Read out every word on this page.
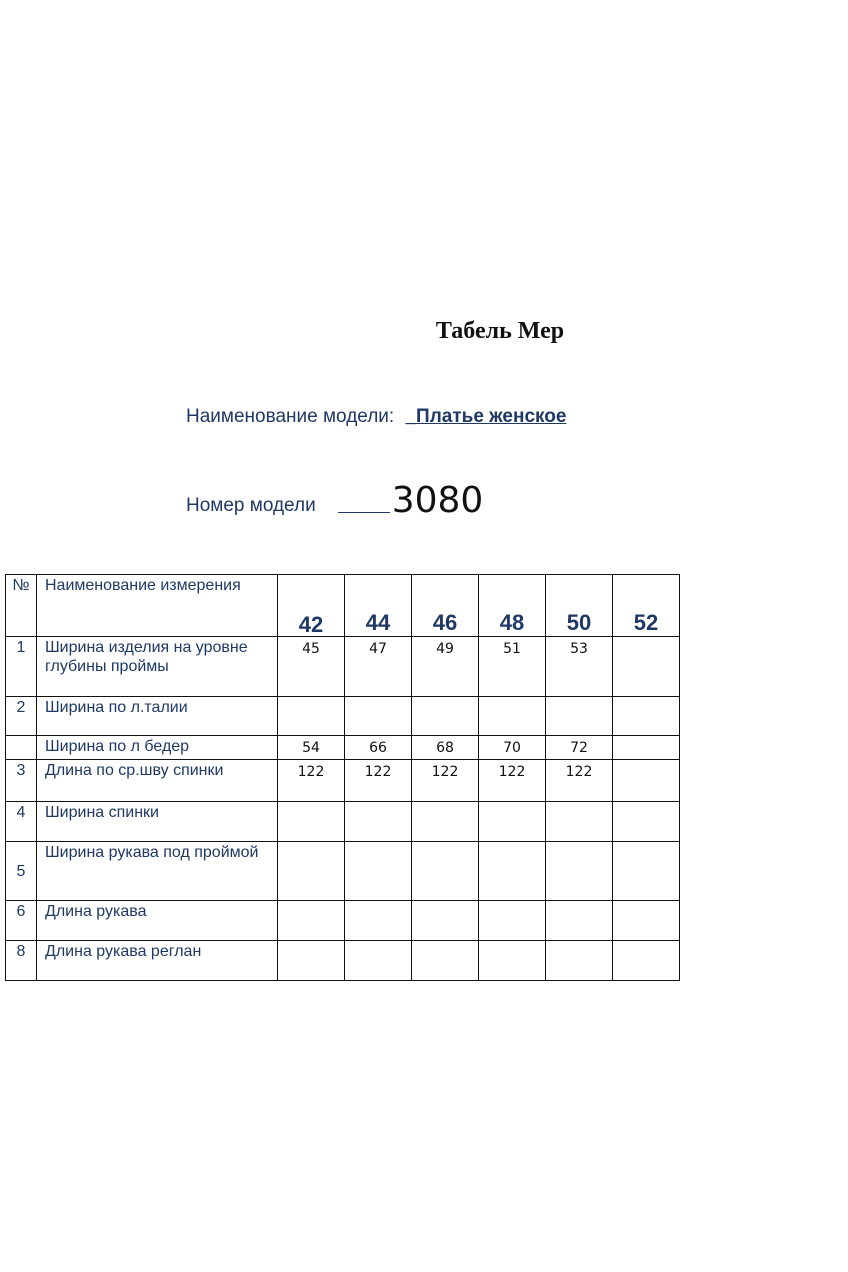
Табель Мер
Наименование модели: _Платье женское
Номер модели 3080
№	Наименование измерения	42	44	46	48	50	52
1	Ширина изделия на уровне глубины проймы	45	47	49	51	53	
2	Ширина по л.талии						
	Ширина по л бедер	54	66	68	70	72	
3	Длина по ср.шву спинки	122	122	122	122	122	
4	Ширина спинки						
5	Ширина рукава под проймой						
6	Длина рукава						
8	Длина рукава реглан						
